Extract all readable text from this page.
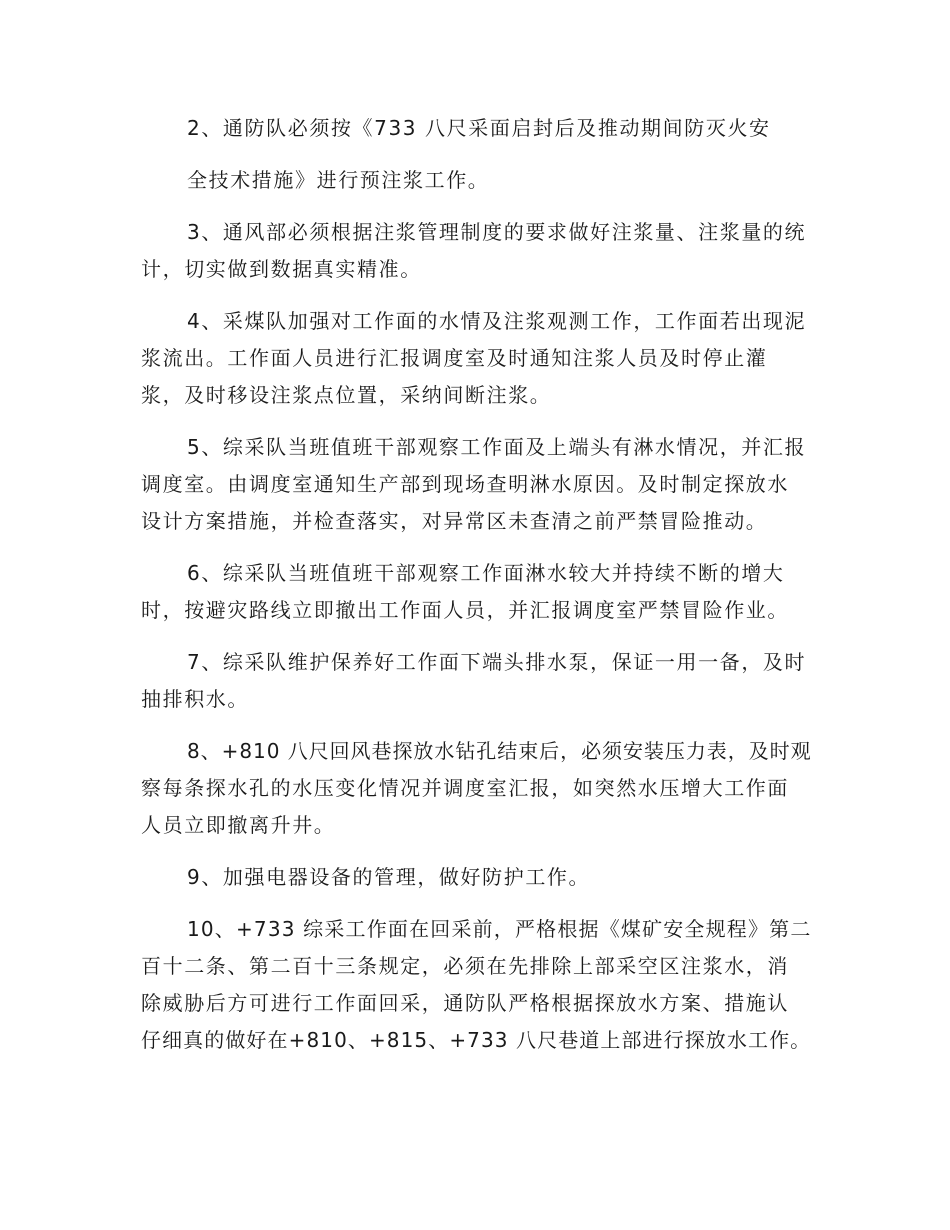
2、通防队必须按《733 八尺采面启封后及推动期间防灭火安
全技术措施》进行预注浆工作。
3、通风部必须根据注浆管理制度的要求做好注浆量、注浆量的统
计，切实做到数据真实精准。
4、采煤队加强对工作面的水情及注浆观测工作，工作面若出现泥
浆流出。工作面人员进行汇报调度室及时通知注浆人员及时停止灌
浆，及时移设注浆点位置，采纳间断注浆。
5、综采队当班值班干部观察工作面及上端头有淋水情况，并汇报
调度室。由调度室通知生产部到现场查明淋水原因。及时制定探放水
设计方案措施，并检查落实，对异常区未查清之前严禁冒险推动。
6、综采队当班值班干部观察工作面淋水较大并持续不断的增大
时，按避灾路线立即撤出工作面人员，并汇报调度室严禁冒险作业。
7、综采队维护保养好工作面下端头排水泵，保证一用一备，及时
抽排积水。
8、+810 八尺回风巷探放水钻孔结束后，必须安装压力表，及时观
察每条探水孔的水压变化情况并调度室汇报，如突然水压增大工作面
人员立即撤离升井。
9、加强电器设备的管理，做好防护工作。
10、+733 综采工作面在回采前，严格根据《煤矿安全规程》第二
百十二条、第二百十三条规定，必须在先排除上部采空区注浆水，消
除威胁后方可进行工作面回采，通防队严格根据探放水方案、措施认
仔细真的做好在+810、+815、+733 八尺巷道上部进行探放水工作。
